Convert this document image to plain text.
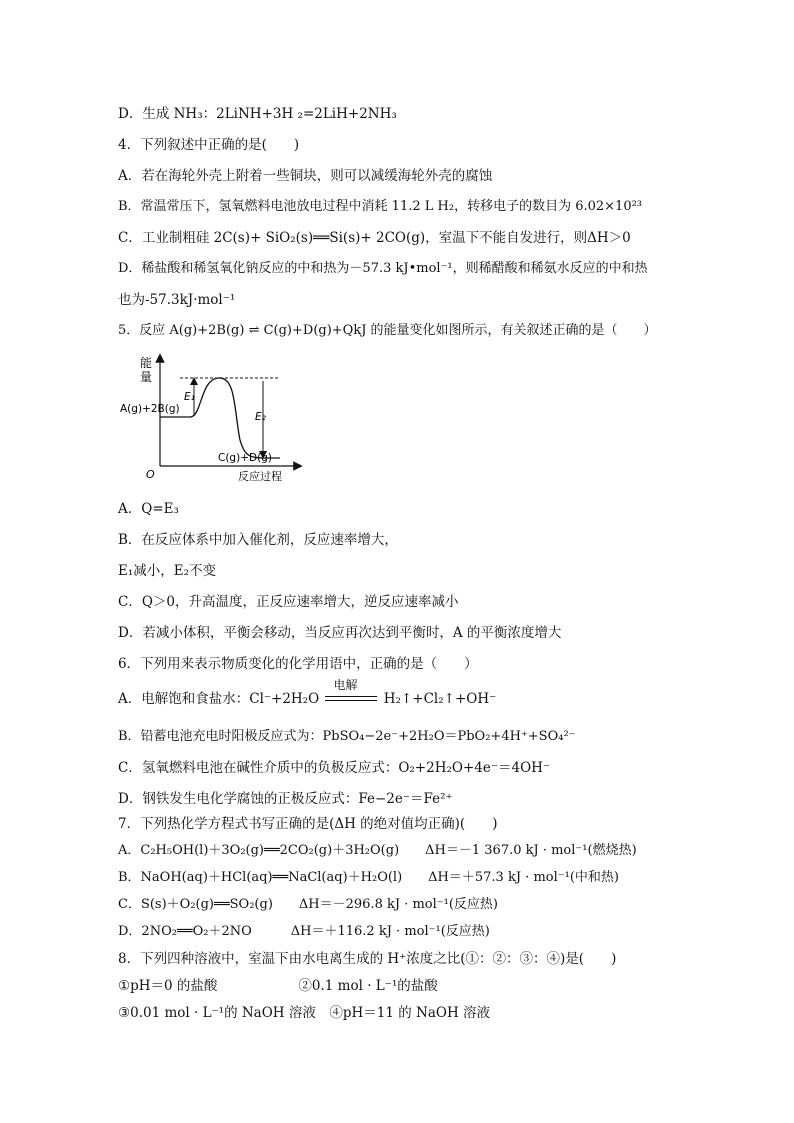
D．生成 NH₃：2LiNH+3H ₂=2LiH+2NH₃
4．下列叙述中正确的是(　　)
A．若在海轮外壳上附着一些铜块，则可以减缓海轮外壳的腐蚀
B．常温常压下，氢氧燃料电池放电过程中消耗 11.2 L H₂，转移电子的数目为 6.02×10²³
C．工业制粗硅 2C(s)+ SiO₂(s)══Si(s)+ 2CO(g)，室温下不能自发进行，则ΔH＞0
D．稀盐酸和稀氢氧化钠反应的中和热为－57.3 kJ•mol⁻¹，则稀醋酸和稀氨水反应的中和热
也为-57.3kJ·mol⁻¹
5．反应 A(g)+2B(g) ⇌ C(g)+D(g)+QkJ 的能量变化如图所示，有关叙述正确的是（　　）
能
量
O	反应过程
A(g)+2B(g)
C(g)+D(g)
E₁
E₂
A．Q=E₃
B．在反应体系中加入催化剂，反应速率增大，
E₁减小，E₂不变
C．Q＞0，升高温度，正反应速率增大，逆反应速率减小
D．若减小体积，平衡会移动，当反应再次达到平衡时，A 的平衡浓度增大
6．下列用来表示物质变化的化学用语中，正确的是（　　）
A．电解饱和食盐水：Cl⁻+2H₂O
电解
H₂↑+Cl₂↑+OH⁻
B．铅蓄电池充电时阳极反应式为：PbSO₄−2e⁻+2H₂O＝PbO₂+4H⁺+SO₄²⁻
C．氢氧燃料电池在碱性介质中的负极反应式：O₂+2H₂O+4e⁻＝4OH⁻
D．钢铁发生电化学腐蚀的正极反应式：Fe−2e⁻＝Fe²⁺
7．下列热化学方程式书写正确的是(ΔH 的绝对值均正确)(　　)
A．C₂H₅OH(l)＋3O₂(g)══2CO₂(g)＋3H₂O(g)　　ΔH＝－1 367.0 kJ · mol⁻¹(燃烧热)
B．NaOH(aq)＋HCl(aq)══NaCl(aq)＋H₂O(l)　　ΔH＝＋57.3 kJ · mol⁻¹(中和热)
C．S(s)＋O₂(g)══SO₂(g)　　ΔH＝－296.8 kJ · mol⁻¹(反应热)
D．2NO₂══O₂＋2NO　　　ΔH＝＋116.2 kJ · mol⁻¹(反应热)
8．下列四种溶液中，室温下由水电离生成的 H⁺浓度之比(①：②：③：④)是(　　)
①pH＝0 的盐酸　　　　　　②0.1 mol · L⁻¹的盐酸
③0.01 mol · L⁻¹的 NaOH 溶液　④pH＝11 的 NaOH 溶液
